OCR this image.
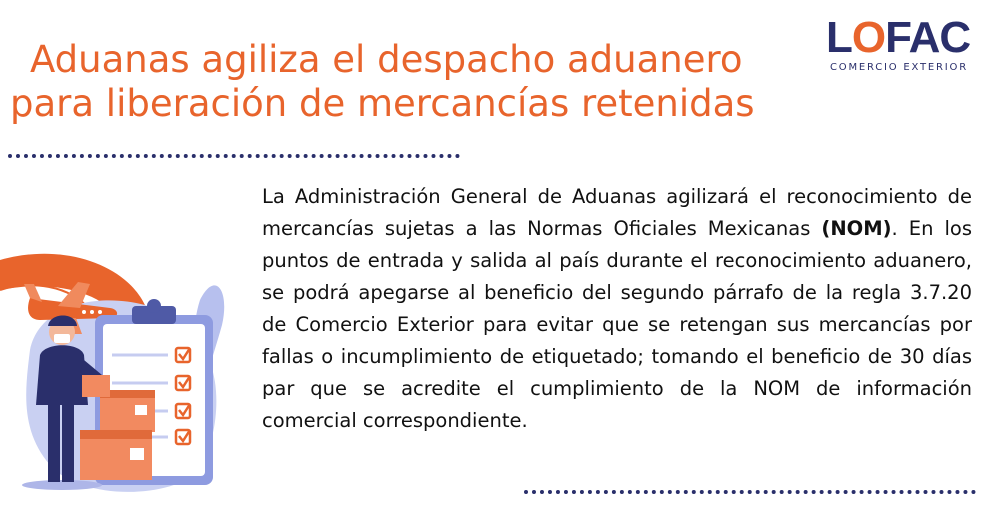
Aduanas agiliza el despacho aduanero
para liberación de mercancías retenidas
LOFAC
COMERCIO EXTERIOR

La Administración General de Aduanas agilizará el reconocimiento de mercancías sujetas a las Normas Oficiales Mexicanas (NOM). En los puntos de entrada y salida al país durante el reconocimiento aduanero, se podrá apegarse al beneficio del segundo párrafo de la regla 3.7.20 de Comercio Exterior para evitar que se retengan sus mercancías por fallas o incumplimiento de etiquetado; tomando el beneficio de 30 días par que se acredite el cumplimiento de la NOM de información comercial correspondiente.
